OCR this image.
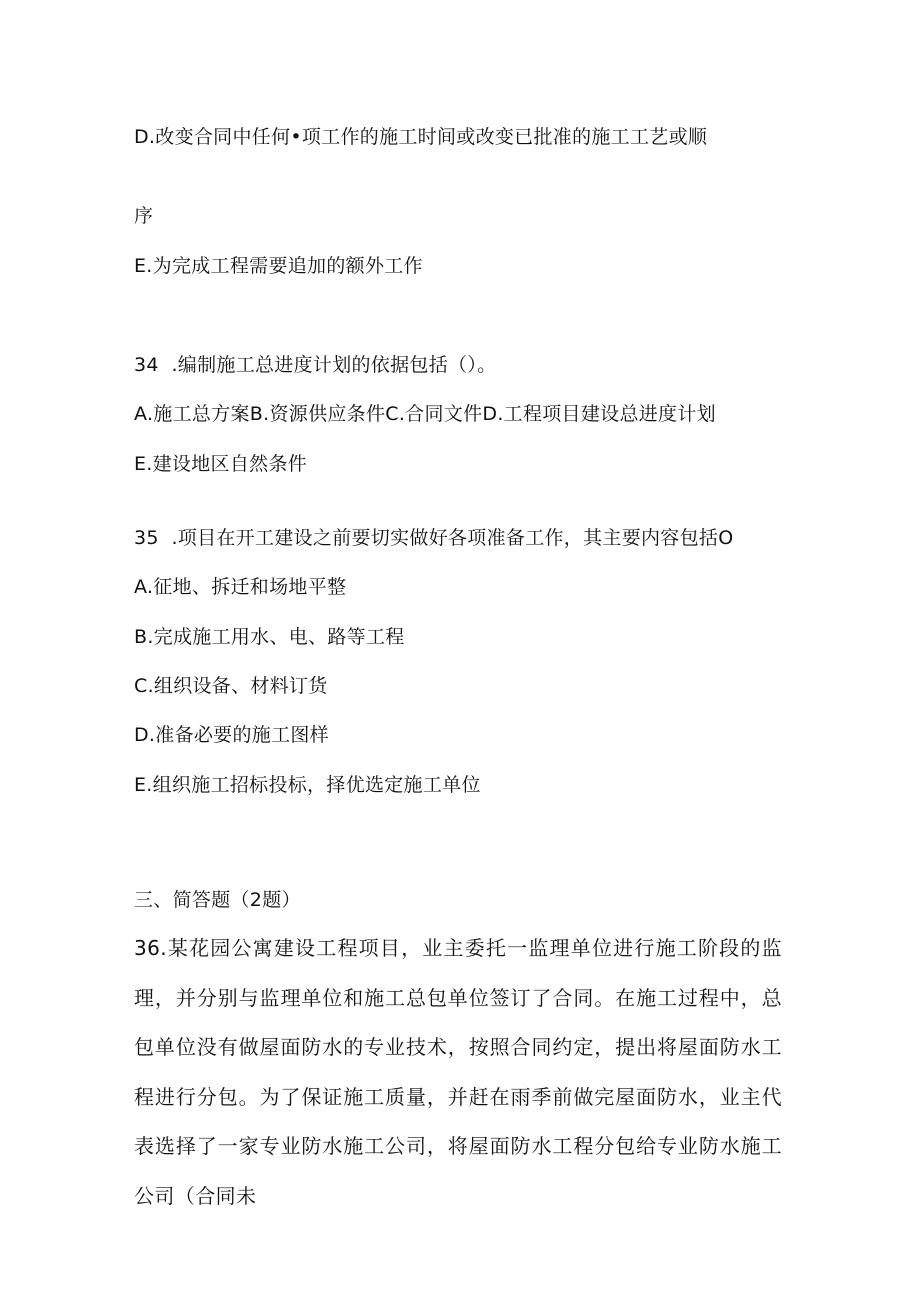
D.改变合同中任何•项工作的施工时间或改变已批准的施工工艺或顺
序
E.为完成工程需要追加的额外工作
34  .编制施工总进度计划的依据包括（）。
A.施工总方案B.资源供应条件C.合同文件D.工程项目建设总进度计划
E.建设地区自然条件
35  .项目在开工建设之前要切实做好各项准备工作，其主要内容包括O
A.征地、拆迁和场地平整
B.完成施工用水、电、路等工程
C.组织设备、材料订货
D.准备必要的施工图样
E.组织施工招标投标，择优选定施工单位
三、简答题（2题）
36.某花园公寓建设工程项目，业主委托一监理单位进行施工阶段的监理，并分别与监理单位和施工总包单位签订了合同。在施工过程中，总包单位没有做屋面防水的专业技术，按照合同约定，提出将屋面防水工程进行分包。为了保证施工质量，并赶在雨季前做完屋面防水，业主代表选择了一家专业防水施工公司，将屋面防水工程分包给专业防水施工公司（合同未
